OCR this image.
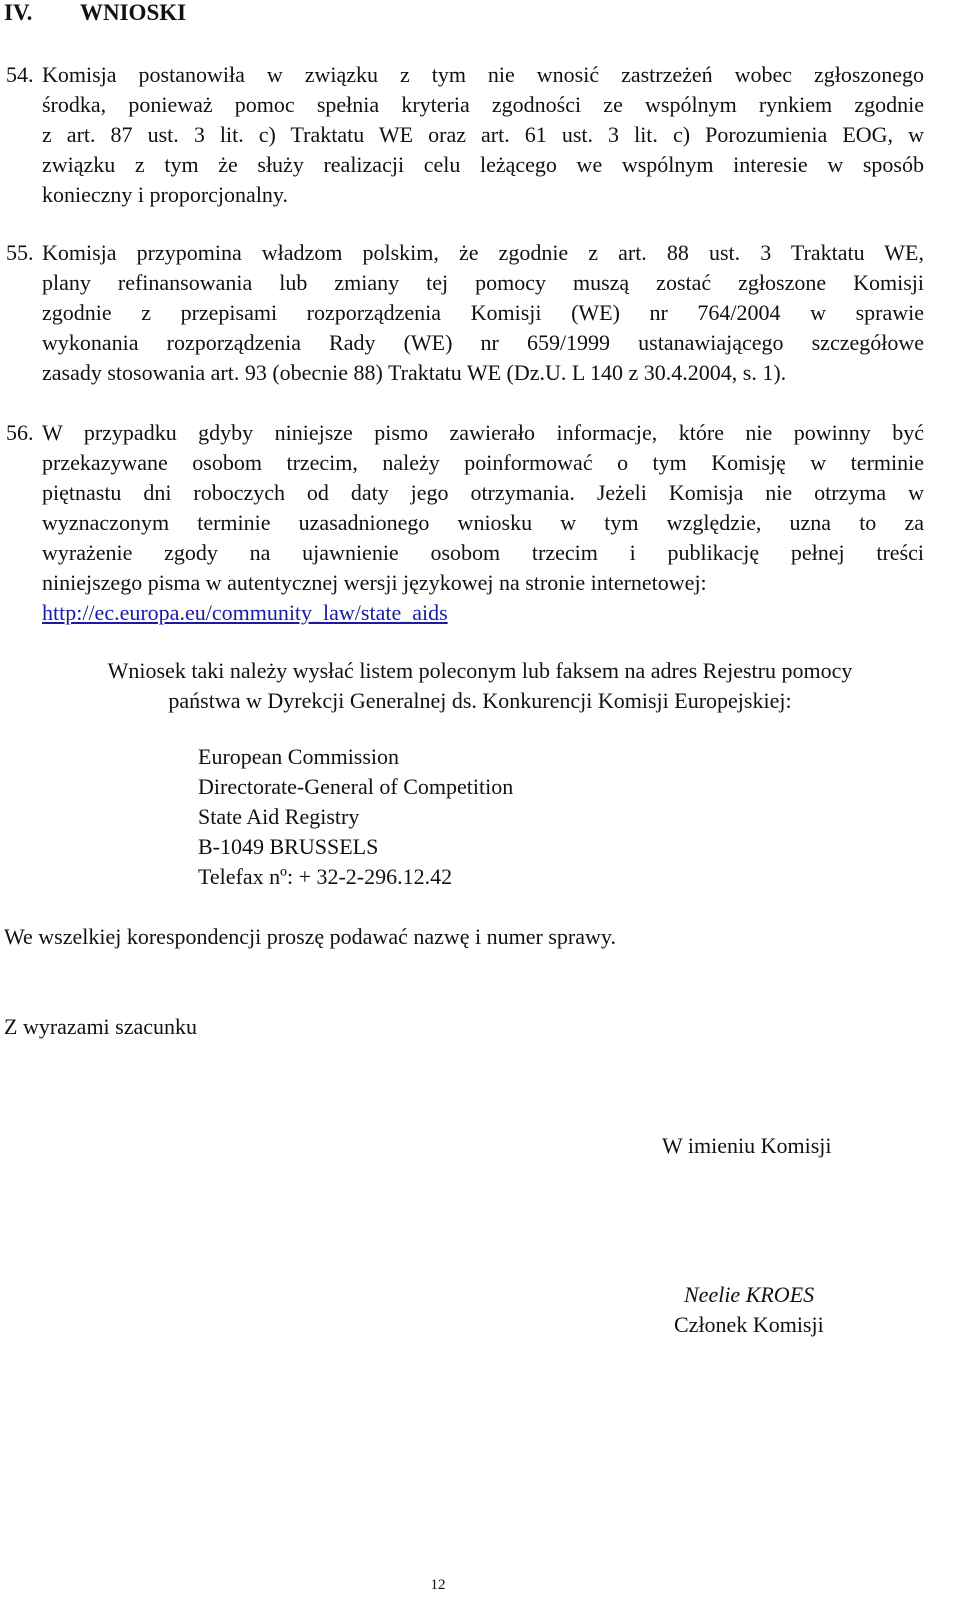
IV. WNIOSKI
54. Komisja postanowiła w związku z tym nie wnosić zastrzeżeń wobec zgłoszonego
środka, ponieważ pomoc spełnia kryteria zgodności ze wspólnym rynkiem zgodnie
z art. 87 ust. 3 lit. c) Traktatu WE oraz art. 61 ust. 3 lit. c) Porozumienia EOG, w
związku z tym że służy realizacji celu leżącego we wspólnym interesie w sposób
konieczny i proporcjonalny.
55. Komisja przypomina władzom polskim, że zgodnie z art. 88 ust. 3 Traktatu WE,
plany refinansowania lub zmiany tej pomocy muszą zostać zgłoszone Komisji
zgodnie z przepisami rozporządzenia Komisji (WE) nr 764/2004 w sprawie
wykonania rozporządzenia Rady (WE) nr 659/1999 ustanawiającego szczegółowe
zasady stosowania art. 93 (obecnie 88) Traktatu WE (Dz.U. L 140 z 30.4.2004, s. 1).
56. W przypadku gdyby niniejsze pismo zawierało informacje, które nie powinny być
przekazywane osobom trzecim, należy poinformować o tym Komisję w terminie
piętnastu dni roboczych od daty jego otrzymania. Jeżeli Komisja nie otrzyma w
wyznaczonym terminie uzasadnionego wniosku w tym względzie, uzna to za
wyrażenie zgody na ujawnienie osobom trzecim i publikację pełnej treści
niniejszego pisma w autentycznej wersji językowej na stronie internetowej:
http://ec.europa.eu/community_law/state_aids
Wniosek taki należy wysłać listem poleconym lub faksem na adres Rejestru pomocy
państwa w Dyrekcji Generalnej ds. Konkurencji Komisji Europejskiej:
European Commission
Directorate-General of Competition
State Aid Registry
B-1049 BRUSSELS
Telefax nº: + 32-2-296.12.42
We wszelkiej korespondencji proszę podawać nazwę i numer sprawy.
Z wyrazami szacunku
W imieniu Komisji
Neelie KROES
Członek Komisji
12
